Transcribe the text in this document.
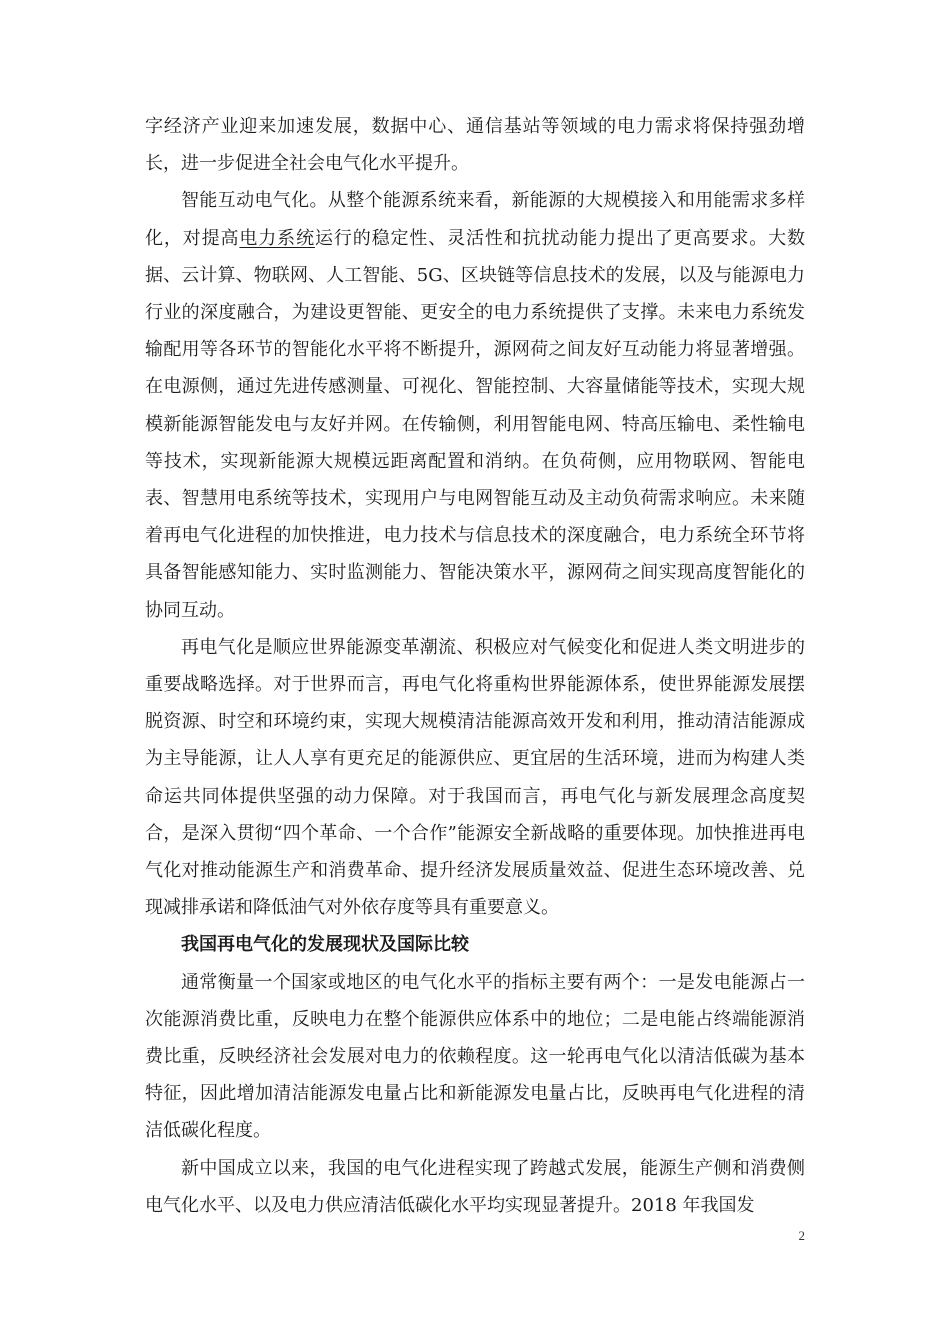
字经济产业迎来加速发展，数据中心、通信基站等领域的电力需求将保持强劲增长，进一步促进全社会电气化水平提升。

智能互动电气化。从整个能源系统来看，新能源的大规模接入和用能需求多样化，对提高电力系统运行的稳定性、灵活性和抗扰动能力提出了更高要求。大数据、云计算、物联网、人工智能、5G、区块链等信息技术的发展，以及与能源电力行业的深度融合，为建设更智能、更安全的电力系统提供了支撑。未来电力系统发输配用等各环节的智能化水平将不断提升，源网荷之间友好互动能力将显著增强。在电源侧，通过先进传感测量、可视化、智能控制、大容量储能等技术，实现大规模新能源智能发电与友好并网。在传输侧，利用智能电网、特高压输电、柔性输电等技术，实现新能源大规模远距离配置和消纳。在负荷侧，应用物联网、智能电表、智慧用电系统等技术，实现用户与电网智能互动及主动负荷需求响应。未来随着再电气化进程的加快推进，电力技术与信息技术的深度融合，电力系统全环节将具备智能感知能力、实时监测能力、智能决策水平，源网荷之间实现高度智能化的协同互动。

再电气化是顺应世界能源变革潮流、积极应对气候变化和促进人类文明进步的重要战略选择。对于世界而言，再电气化将重构世界能源体系，使世界能源发展摆脱资源、时空和环境约束，实现大规模清洁能源高效开发和利用，推动清洁能源成为主导能源，让人人享有更充足的能源供应、更宜居的生活环境，进而为构建人类命运共同体提供坚强的动力保障。对于我国而言，再电气化与新发展理念高度契合，是深入贯彻“四个革命、一个合作”能源安全新战略的重要体现。加快推进再电气化对推动能源生产和消费革命、提升经济发展质量效益、促进生态环境改善、兑现减排承诺和降低油气对外依存度等具有重要意义。

我国再电气化的发展现状及国际比较

通常衡量一个国家或地区的电气化水平的指标主要有两个：一是发电能源占一次能源消费比重，反映电力在整个能源供应体系中的地位；二是电能占终端能源消费比重，反映经济社会发展对电力的依赖程度。这一轮再电气化以清洁低碳为基本特征，因此增加清洁能源发电量占比和新能源发电量占比，反映再电气化进程的清洁低碳化程度。

新中国成立以来，我国的电气化进程实现了跨越式发展，能源生产侧和消费侧电气化水平、以及电力供应清洁低碳化水平均实现显著提升。2018 年我国发

2
